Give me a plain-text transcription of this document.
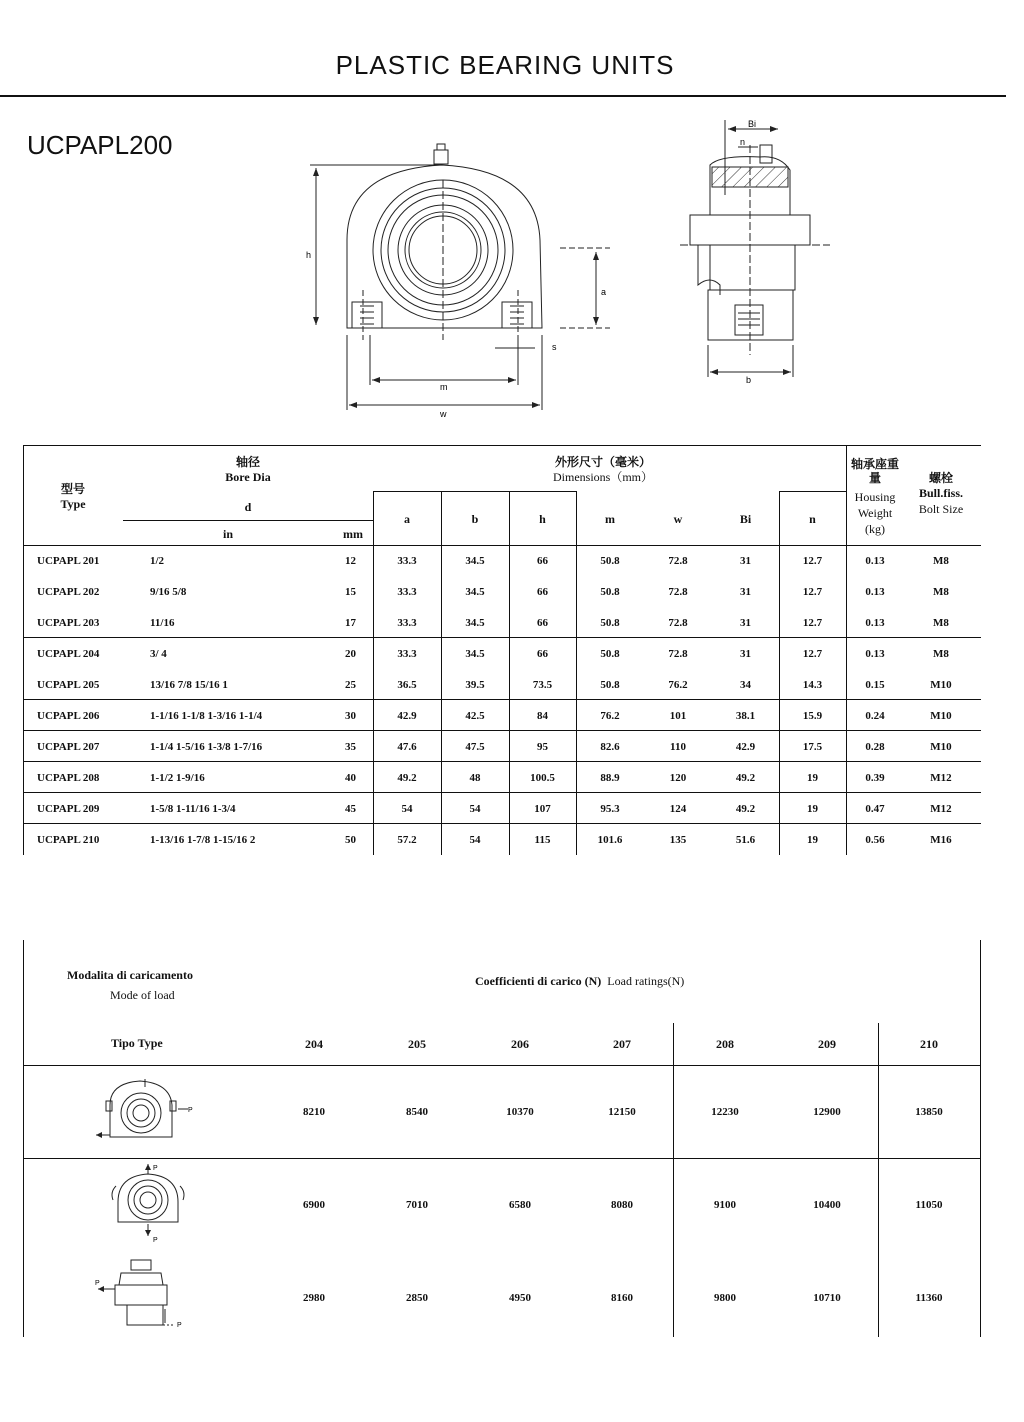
PLASTIC BEARING UNITS
UCPAPL200
h
a
m
w
s
Bi
n
b
型号
Type
轴径
Bore Dia
d
in	mm
外形尺寸（毫米）
Dimensions（mm）
a	b	h	m	w	Bi	n
轴承座重量
Housing Weight (kg)
螺栓
Bull.fiss.
Bolt Size
UCPAPL 201	1/2	12	33.3	34.5	66	50.8	72.8	31	12.7	0.13	M8
UCPAPL 202	9/16 5/8	15	33.3	34.5	66	50.8	72.8	31	12.7	0.13	M8
UCPAPL 203	11/16	17	33.3	34.5	66	50.8	72.8	31	12.7	0.13	M8
UCPAPL 204	3/ 4	20	33.3	34.5	66	50.8	72.8	31	12.7	0.13	M8
UCPAPL 205	13/16 7/8 15/16 1	25	36.5	39.5	73.5	50.8	76.2	34	14.3	0.15	M10
UCPAPL 206	1-1/16 1-1/8 1-3/16 1-1/4	30	42.9	42.5	84	76.2	101	38.1	15.9	0.24	M10
UCPAPL 207	1-1/4 1-5/16 1-3/8 1-7/16	35	47.6	47.5	95	82.6	110	42.9	17.5	0.28	M10
UCPAPL 208	1-1/2 1-9/16	40	49.2	48	100.5	88.9	120	49.2	19	0.39	M12
UCPAPL 209	1-5/8 1-11/16 1-3/4	45	54	54	107	95.3	124	49.2	19	0.47	M12
UCPAPL 210	1-13/16 1-7/8 1-15/16 2	50	57.2	54	115	101.6	135	51.6	19	0.56	M16
Modalita di caricamento
Mode of load
Coefficienti di carico (N) Load ratings(N)
Tipo Type	204	205	206	207	208	209	210
8210	8540	10370	12150	12230	12900	13850
6900	7010	6580	8080	9100	10400	11050
2980	2850	4950	8160	9800	10710	11360
P
P
P
P
P
